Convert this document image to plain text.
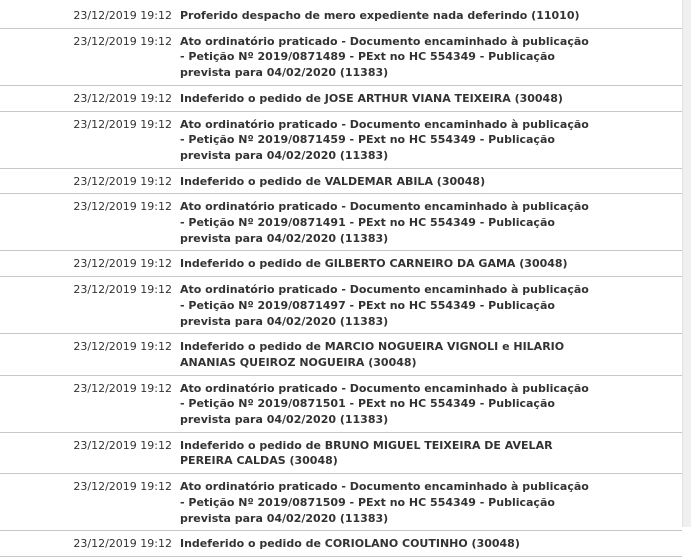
23/12/2019 19:12 Proferido despacho de mero expediente nada deferindo (11010)
23/12/2019 19:12 Ato ordinatório praticado - Documento encaminhado à publicação - Petição Nº 2019/0871489 - PExt no HC 554349 - Publicação prevista para 04/02/2020 (11383)
23/12/2019 19:12 Indeferido o pedido de JOSE ARTHUR VIANA TEIXEIRA (30048)
23/12/2019 19:12 Ato ordinatório praticado - Documento encaminhado à publicação - Petição Nº 2019/0871459 - PExt no HC 554349 - Publicação prevista para 04/02/2020 (11383)
23/12/2019 19:12 Indeferido o pedido de VALDEMAR ABILA (30048)
23/12/2019 19:12 Ato ordinatório praticado - Documento encaminhado à publicação - Petição Nº 2019/0871491 - PExt no HC 554349 - Publicação prevista para 04/02/2020 (11383)
23/12/2019 19:12 Indeferido o pedido de GILBERTO CARNEIRO DA GAMA (30048)
23/12/2019 19:12 Ato ordinatório praticado - Documento encaminhado à publicação - Petição Nº 2019/0871497 - PExt no HC 554349 - Publicação prevista para 04/02/2020 (11383)
23/12/2019 19:12 Indeferido o pedido de MARCIO NOGUEIRA VIGNOLI e HILARIO ANANIAS QUEIROZ NOGUEIRA (30048)
23/12/2019 19:12 Ato ordinatório praticado - Documento encaminhado à publicação - Petição Nº 2019/0871501 - PExt no HC 554349 - Publicação prevista para 04/02/2020 (11383)
23/12/2019 19:12 Indeferido o pedido de BRUNO MIGUEL TEIXEIRA DE AVELAR PEREIRA CALDAS (30048)
23/12/2019 19:12 Ato ordinatório praticado - Documento encaminhado à publicação - Petição Nº 2019/0871509 - PExt no HC 554349 - Publicação prevista para 04/02/2020 (11383)
23/12/2019 19:12 Indeferido o pedido de CORIOLANO COUTINHO (30048)
